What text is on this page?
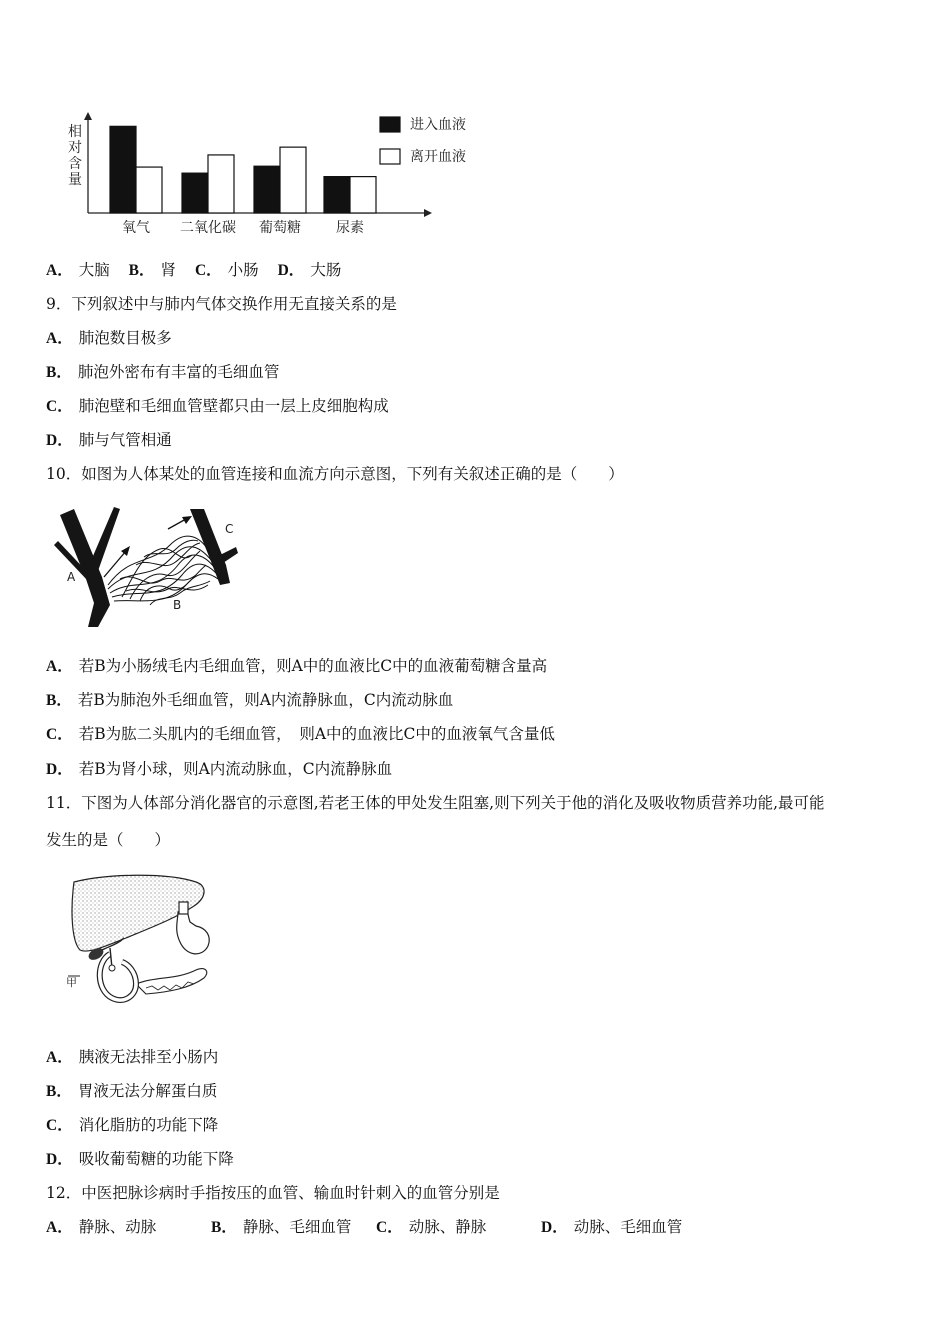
相
对
含
量
氧气 二氧化碳 葡萄糖	尿素
进入血液
离开血液
A． 大脑 B． 肾 C． 小肠 D． 大肠
9．下列叙述中与肺内气体交换作用无直接关系的是
A． 肺泡数目极多
B． 肺泡外密布有丰富的毛细血管
C． 肺泡壁和毛细血管壁都只由一层上皮细胞构成
D． 肺与气管相通
10．如图为人体某处的血管连接和血流方向示意图，下列有关叙述正确的是（　　）
A
B
C
A． 若B为小肠绒毛内毛细血管，则A中的血液比C中的血液葡萄糖含量高
B． 若B为肺泡外毛细血管，则A内流静脉血，C内流动脉血
C． 若B为肱二头肌内的毛细血管，　则A中的血液比C中的血液氧气含量低
D． 若B为肾小球，则A内流动脉血，C内流静脉血
11．下图为人体部分消化器官的示意图,若老王体的甲处发生阻塞,则下列关于他的消化及吸收物质营养功能,最可能
发生的是（　　）
甲
A． 胰液无法排至小肠内
B． 胃液无法分解蛋白质
C． 消化脂肪的功能下降
D． 吸收葡萄糖的功能下降
12．中医把脉诊病时手指按压的血管、输血时针刺入的血管分别是
A． 静脉、动脉	B． 静脉、毛细血管 C． 动脉、静脉	D． 动脉、毛细血管
